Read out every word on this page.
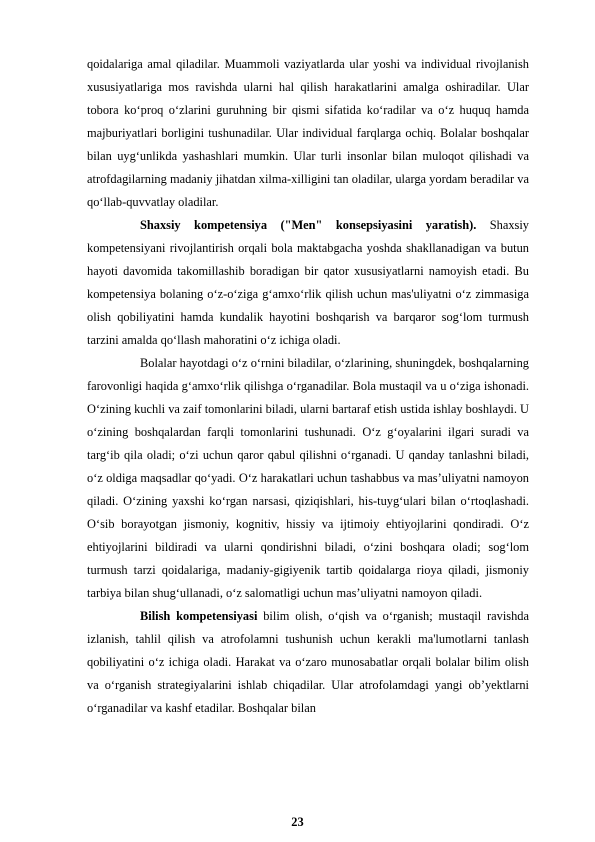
qoidalariga amal qiladilar. Muammoli vaziyatlarda ular yoshi va individual rivojlanish xususiyatlariga mos ravishda ularni hal qilish harakatlarini amalga oshiradilar. Ular tobora ko‘proq o‘zlarini guruhning bir qismi sifatida ko‘radilar va o‘z huquq hamda majburiyatlari borligini tushunadilar. Ular individual farqlarga ochiq. Bolalar boshqalar bilan uyg‘unlikda yashashlari mumkin. Ular turli insonlar bilan muloqot qilishadi va atrofdagilarning madaniy jihatdan xilma-xilligini tan oladilar, ularga yordam beradilar va qo‘llab-quvvatlay oladilar.

Shaxsiy kompetensiya ("Men" konsepsiyasini yaratish). Shaxsiy kompetensiyani rivojlantirish orqali bola maktabgacha yoshda shakllanadigan va butun hayoti davomida takomillashib boradigan bir qator xususiyatlarni namoyish etadi. Bu kompetensiya bolaning o‘z-o‘ziga g‘amxo‘rlik qilish uchun mas'uliyatni o‘z zimmasiga olish qobiliyatini hamda kundalik hayotini boshqarish va barqaror sog‘lom turmush tarzini amalda qo‘llash mahoratini o‘z ichiga oladi.

Bolalar hayotdagi o‘z o‘rnini biladilar, o‘zlarining, shuningdek, boshqalarning farovonligi haqida g‘amxo‘rlik qilishga o‘rganadilar. Bola mustaqil va u o‘ziga ishonadi. O‘zining kuchli va zaif tomonlarini biladi, ularni bartaraf etish ustida ishlay boshlaydi. U o‘zining boshqalardan farqli tomonlarini tushunadi. O‘z g‘oyalarini ilgari suradi va targ‘ib qila oladi; o‘zi uchun qaror qabul qilishni o‘rganadi. U qanday tanlashni biladi, o‘z oldiga maqsadlar qo‘yadi. O‘z harakatlari uchun tashabbus va mas’uliyatni namoyon qiladi. O‘zining yaxshi ko‘rgan narsasi, qiziqishlari, his-tuyg‘ulari bilan o‘rtoqlashadi. O‘sib borayotgan jismoniy, kognitiv, hissiy va ijtimoiy ehtiyojlarini qondiradi. O‘z ehtiyojlarini bildiradi va ularni qondirishni biladi, o‘zini boshqara oladi; sog‘lom turmush tarzi qoidalariga, madaniy-gigiyenik tartib qoidalarga rioya qiladi, jismoniy tarbiya bilan shug‘ullanadi, o‘z salomatligi uchun mas’uliyatni namoyon qiladi.

Bilish kompetensiyasi bilim olish, o‘qish va o‘rganish; mustaqil ravishda izlanish, tahlil qilish va atrofolamni tushunish uchun kerakli ma'lumotlarni tanlash qobiliyatini o‘z ichiga oladi. Harakat va o‘zaro munosabatlar orqali bolalar bilim olish va o‘rganish strategiyalarini ishlab chiqadilar. Ular atrofolamdagi yangi ob’yektlarni o‘rganadilar va kashf etadilar. Boshqalar bilan

23
